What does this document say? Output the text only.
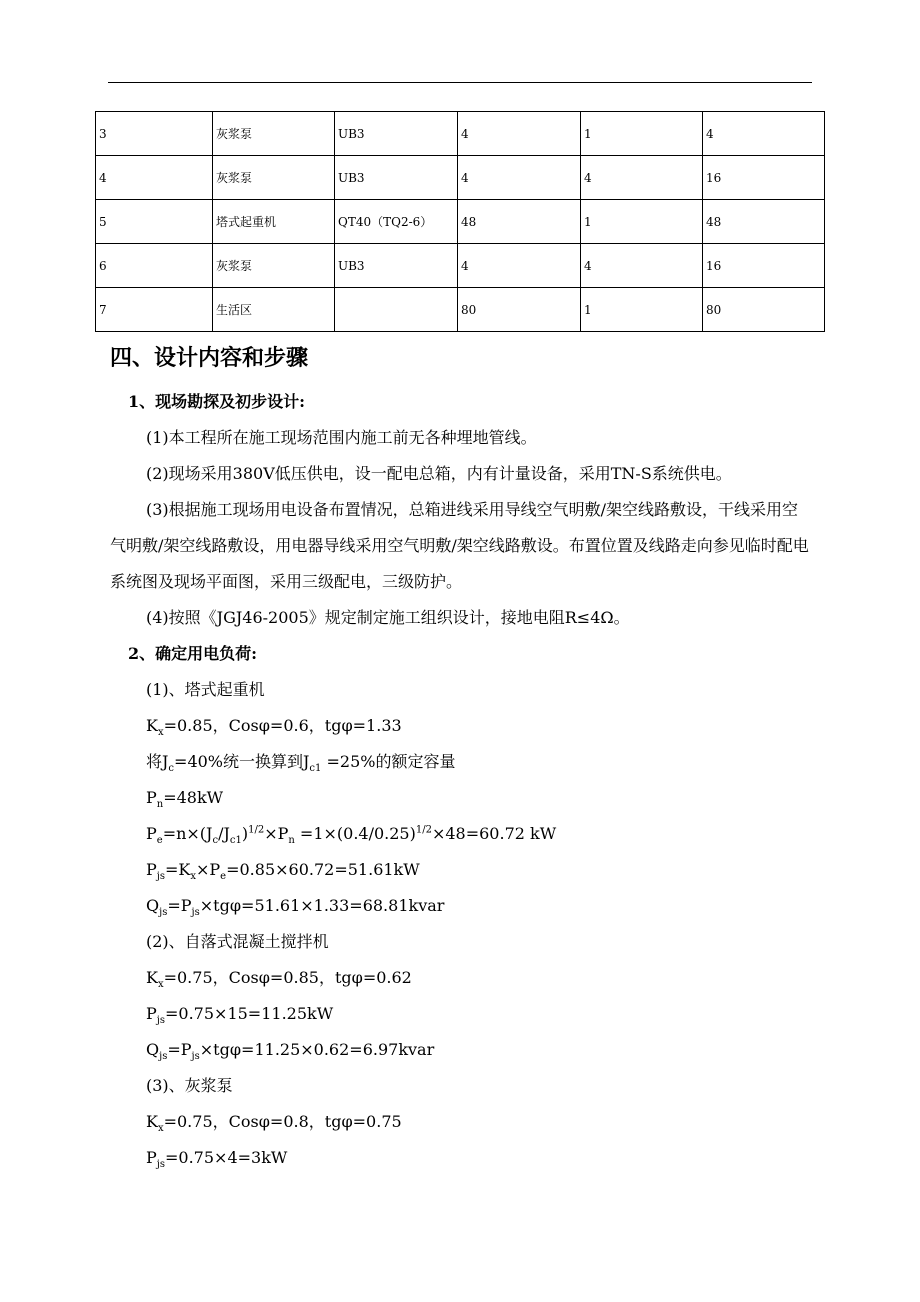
3	灰浆泵	UB3	4	1	4
4	灰浆泵	UB3	4	4	16
5	塔式起重机	QT40（TQ2-6）	48	1	48
6	灰浆泵	UB3	4	4	16
7	生活区		80	1	80
四、设计内容和步骤

1、现场勘探及初步设计:

(1)本工程所在施工现场范围内施工前无各种埋地管线。

(2)现场采用380V低压供电，设一配电总箱，内有计量设备，采用TN-S系统供电。

(3)根据施工现场用电设备布置情况，总箱进线采用导线空气明敷/架空线路敷设，干线采用空气明敷/架空线路敷设，用电器导线采用空气明敷/架空线路敷设。布置位置及线路走向参见临时配电系统图及现场平面图，采用三级配电，三级防护。

(4)按照《JGJ46-2005》规定制定施工组织设计，接地电阻R≤4Ω。

2、确定用电负荷:

(1)、塔式起重机

$K_x=0.85$，Cosφ=0.6，tgφ=1.33

将$J_c=40\%$统一换算到$J_{c1} =25\%$的额定容量

$P_n=48kW$

$P_e=n\times(J_c/J_{c1})^{1/2}\times P_n =1\times(0.4/0.25)^{1/2}\times 48=60.72$ kW

$P_{js}=K_x\times P_e=0.85\times 60.72=51.61kW$

$Q_{js}=P_{js}\times tg\varphi=51.61\times 1.33=68.81kvar$

(2)、自落式混凝土搅拌机

$K_x=0.75$，Cosφ=0.85，tgφ=0.62

$P_{js}=0.75\times 15=11.25kW$

$Q_{js}=P_{js}\times tg\varphi=11.25\times 0.62=6.97kvar$

(3)、灰浆泵

$K_x=0.75$，Cosφ=0.8，tgφ=0.75

$P_{js}=0.75\times 4=3kW$
